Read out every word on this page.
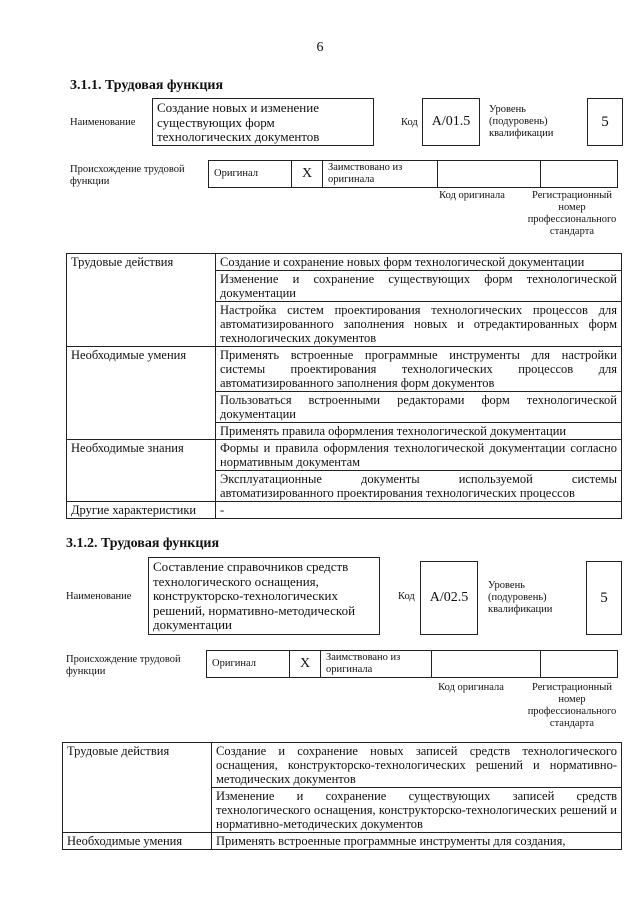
6
3.1.1. Трудовая функция
Наименование
Создание новых и изменение
существующих форм
технологических документов
Код А/01.5
Уровень
(подуровень)
квалификации
5
Происхождение трудовой
функции
Оригинал	Х	Заимствовано из
оригинала

Код оригинала	Регистрационный
номер
профессионального
стандарта
Трудовые действия	Создание и сохранение новых форм технологической документации
	Изменение и сохранение существующих форм технологической документации
	Настройка систем проектирования технологических процессов для автоматизированного заполнения новых и отредактированных форм технологических документов
Необходимые умения	Применять встроенные программные инструменты для настройки системы проектирования технологических процессов для автоматизированного заполнения форм документов
	Пользоваться встроенными редакторами форм технологической документации
	Применять правила оформления технологической документации
Необходимые знания	Формы и правила оформления технологической документации согласно нормативным документам
	Эксплуатационные документы используемой системы автоматизированного проектирования технологических процессов
Другие характеристики	-
3.1.2. Трудовая функция
Наименование
Составление справочников средств
технологического оснащения,
конструкторско-технологических
решений, нормативно-методической
документации
Код	А/02.5
Уровень
(подуровень)
квалификации
5
Происхождение трудовой
функции
Оригинал	Х	Заимствовано из
оригинала

Код оригинала	Регистрационный
номер
профессионального
стандарта
Трудовые действия	Создание и сохранение новых записей средств технологического оснащения, конструкторско-технологических решений и нормативно-методических документов
	Изменение и сохранение существующих записей средств технологического оснащения, конструкторско-технологических решений и нормативно-методических документов
Необходимые умения	Применять встроенные программные инструменты для создания,
